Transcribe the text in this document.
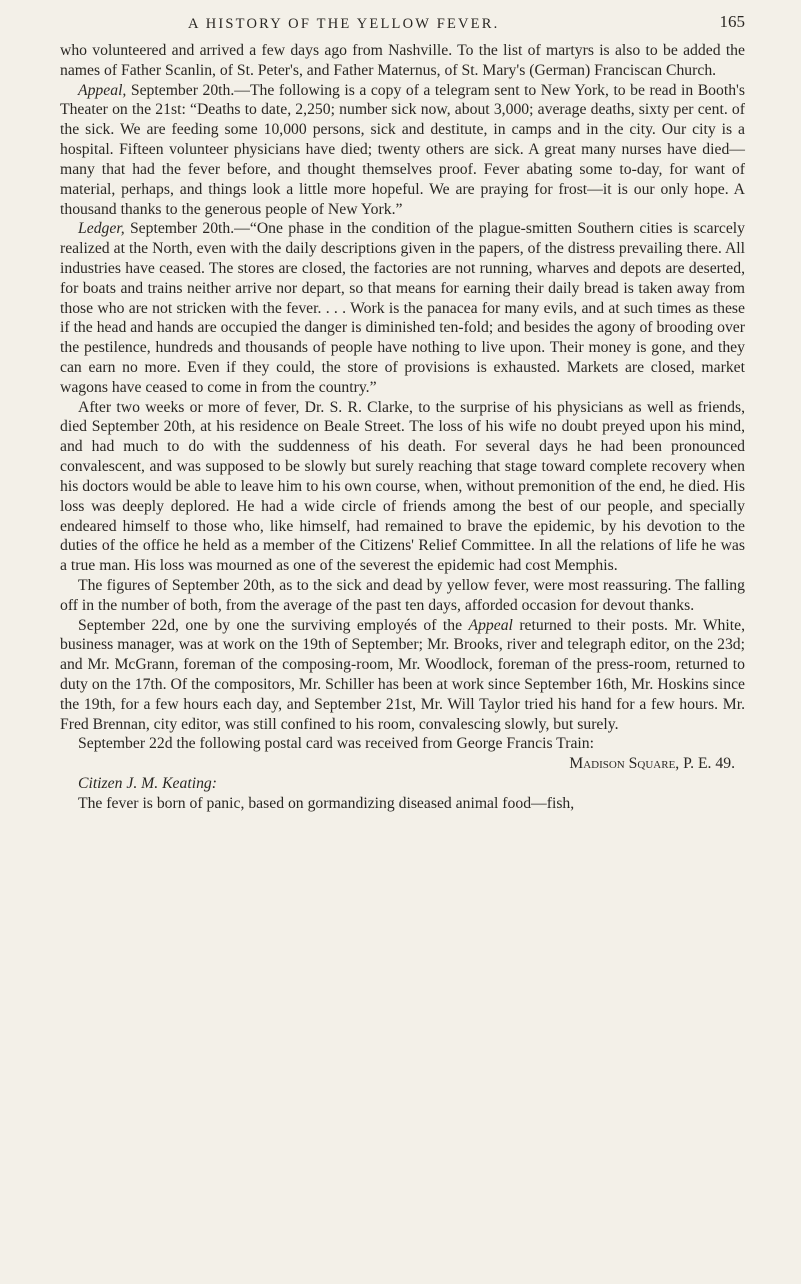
A HISTORY OF THE YELLOW FEVER.	165

who volunteered and arrived a few days ago from Nashville. To the list of martyrs is also to be added the names of Father Scanlin, of St. Peter's, and Father Maternus, of St. Mary's (German) Franciscan Church.

Appeal, September 20th.—The following is a copy of a telegram sent to New York, to be read in Booth's Theater on the 21st: “Deaths to date, 2,250; number sick now, about 3,000; average deaths, sixty per cent. of the sick. We are feeding some 10,000 persons, sick and destitute, in camps and in the city. Our city is a hospital. Fifteen volunteer physicians have died; twenty others are sick. A great many nurses have died—many that had the fever before, and thought themselves proof. Fever abating some to-day, for want of material, perhaps, and things look a little more hopeful. We are praying for frost—it is our only hope. A thousand thanks to the generous people of New York.”

Ledger, September 20th.—“One phase in the condition of the plague-smitten Southern cities is scarcely realized at the North, even with the daily descriptions given in the papers, of the distress prevailing there. All industries have ceased. The stores are closed, the factories are not running, wharves and depots are deserted, for boats and trains neither arrive nor depart, so that means for earning their daily bread is taken away from those who are not stricken with the fever. . . . Work is the panacea for many evils, and at such times as these if the head and hands are occupied the danger is diminished ten-fold; and besides the agony of brooding over the pestilence, hundreds and thousands of people have nothing to live upon. Their money is gone, and they can earn no more. Even if they could, the store of provisions is exhausted. Markets are closed, market wagons have ceased to come in from the country.”

After two weeks or more of fever, Dr. S. R. Clarke, to the surprise of his physicians as well as friends, died September 20th, at his residence on Beale Street. The loss of his wife no doubt preyed upon his mind, and had much to do with the suddenness of his death. For several days he had been pronounced convalescent, and was supposed to be slowly but surely reaching that stage toward complete recovery when his doctors would be able to leave him to his own course, when, without premonition of the end, he died. His loss was deeply deplored. He had a wide circle of friends among the best of our people, and specially endeared himself to those who, like himself, had remained to brave the epidemic, by his devotion to the duties of the office he held as a member of the Citizens' Relief Committee. In all the relations of life he was a true man. His loss was mourned as one of the severest the epidemic had cost Memphis.

The figures of September 20th, as to the sick and dead by yellow fever, were most reassuring. The falling off in the number of both, from the average of the past ten days, afforded occasion for devout thanks.

September 22d, one by one the surviving employés of the Appeal returned to their posts. Mr. White, business manager, was at work on the 19th of September; Mr. Brooks, river and telegraph editor, on the 23d; and Mr. McGrann, foreman of the composing-room, Mr. Woodlock, foreman of the press-room, returned to duty on the 17th. Of the compositors, Mr. Schiller has been at work since September 16th, Mr. Hoskins since the 19th, for a few hours each day, and September 21st, Mr. Will Taylor tried his hand for a few hours. Mr. Fred Brennan, city editor, was still confined to his room, convalescing slowly, but surely.

September 22d the following postal card was received from George Francis Train:

Madison Square, P. E. 49.

Citizen J. M. Keating:

The fever is born of panic, based on gormandizing diseased animal food—fish,
